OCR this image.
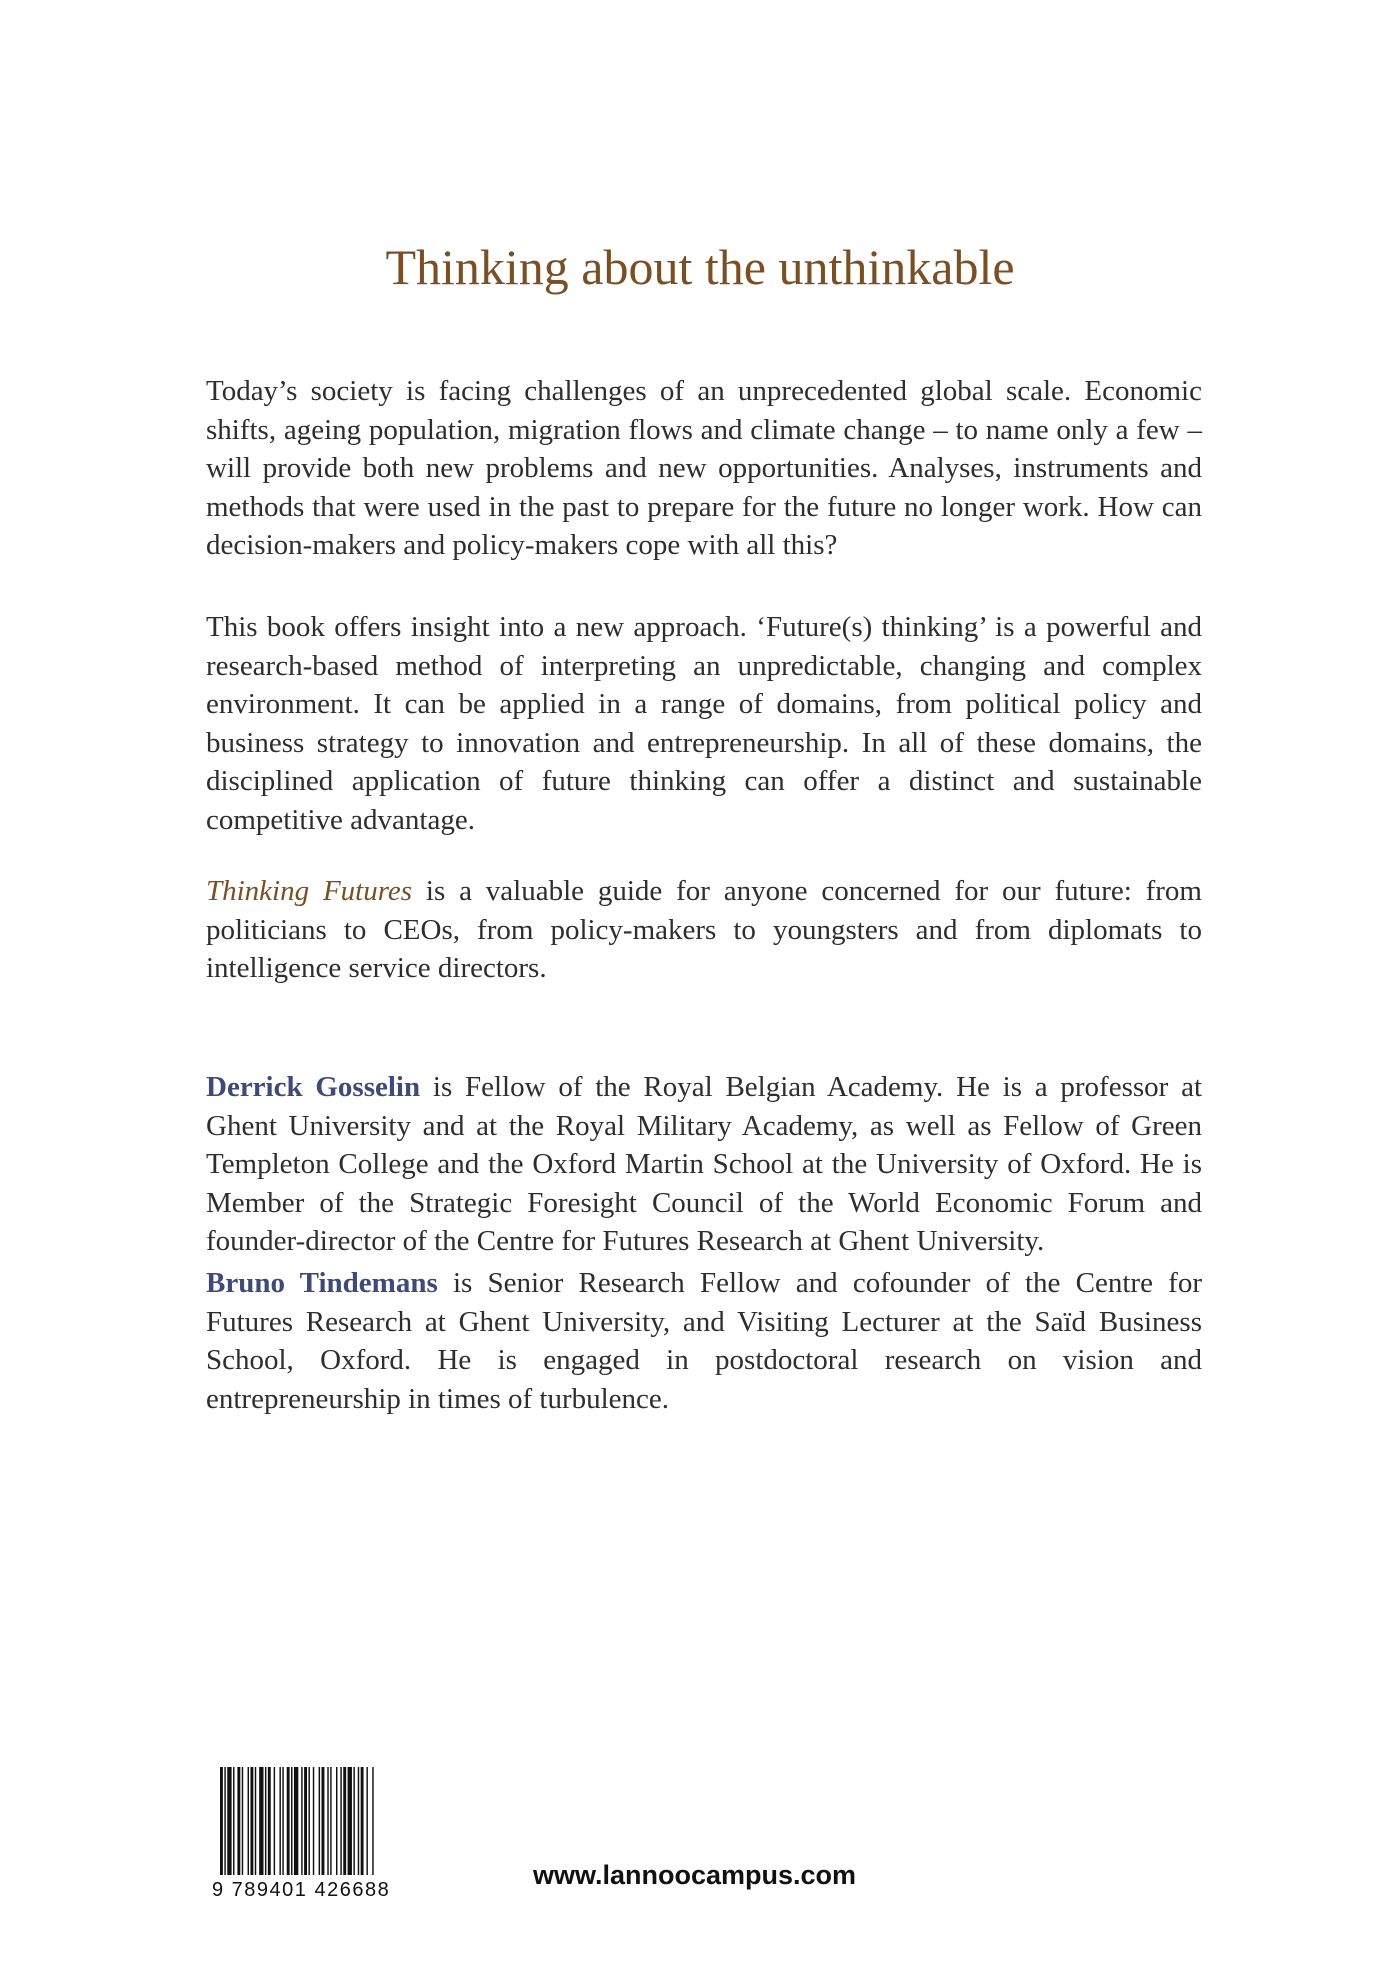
Thinking about the unthinkable

Today’s society is facing challenges of an unprecedented global scale. Economic shifts, ageing population, migration flows and climate change – to name only a few – will provide both new problems and new opportunities. Analyses, instruments and methods that were used in the past to prepare for the future no longer work. How can decision-makers and policy-makers cope with all this?

This book offers insight into a new approach. ‘Future(s) thinking’ is a powerful and research-based method of interpreting an unpredictable, changing and complex environment. It can be applied in a range of domains, from political policy and business strategy to innovation and entrepreneurship. In all of these domains, the disciplined application of future thinking can offer a distinct and sustainable competitive advantage.

Thinking Futures is a valuable guide for anyone concerned for our future: from politicians to CEOs, from policy-makers to youngsters and from diplomats to intelligence service directors.

Derrick Gosselin is Fellow of the Royal Belgian Academy. He is a professor at Ghent University and at the Royal Military Academy, as well as Fellow of Green Templeton College and the Oxford Martin School at the University of Oxford. He is Member of the Strategic Foresight Council of the World Economic Forum and founder-director of the Centre for Futures Research at Ghent University.

Bruno Tindemans is Senior Research Fellow and cofounder of the Centre for Futures Research at Ghent University, and Visiting Lecturer at the Saïd Business School, Oxford. He is engaged in postdoctoral research on vision and entrepreneurship in times of turbulence.

9 789401 426688	www.lannoocampus.com
